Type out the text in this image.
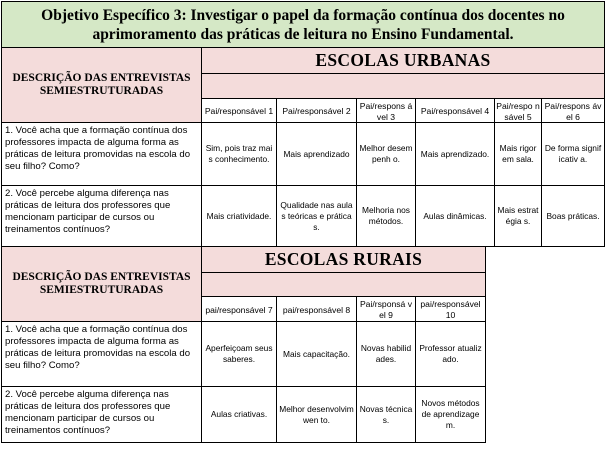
Objetivo Específico 3: Investigar o papel da formação contínua dos docentes no aprimoramento das práticas de leitura no Ensino Fundamental.
DESCRIÇÃO DAS ENTREVISTAS SEMIESTRUTURADAS
ESCOLAS URBANAS
Pai/responsável 1	Pai/responsável 2
Pai/respons ável 3
Pai/responsável 4
Pai/respo nsável 5
Pai/respons ável 6
1. Você acha que a formação contínua dos professores impacta de alguma forma as práticas de leitura promovidas na escola do seu filho? Como?
Sim, pois traz mais conhecimento.
Mais aprendizado
Melhor desempenh o.
Mais aprendizado.
Mais rigor em sala.
De forma significativ a.
2. Você percebe alguma diferença nas práticas de leitura dos professores que mencionam participar de cursos ou treinamentos contínuos?
Mais criatividade.
Qualidade nas aulas teóricas e práticas.
Melhoria nos métodos.
Aulas dinâmicas.
Mais estratégia s.
Boas práticas.
DESCRIÇÃO DAS ENTREVISTAS SEMIESTRUTURADAS
ESCOLAS RURAIS
pai/responsável 7	pai/responsável 8
Pai/rsponsá vel 9
pai/responsável 10
1. Você acha que a formação contínua dos professores impacta de alguma forma as práticas de leitura promovidas na escola do seu filho? Como?
Aperfeiçoam seus saberes.
Mais capacitação.
Novas habilidades.
Professor atualizado.
2. Você percebe alguma diferença nas práticas de leitura dos professores que mencionam participar de cursos ou treinamentos contínuos?
Aulas criativas.
Melhor desenvolvimwen to.
Novas técnicas.
Novos métodos de aprendizagem.
